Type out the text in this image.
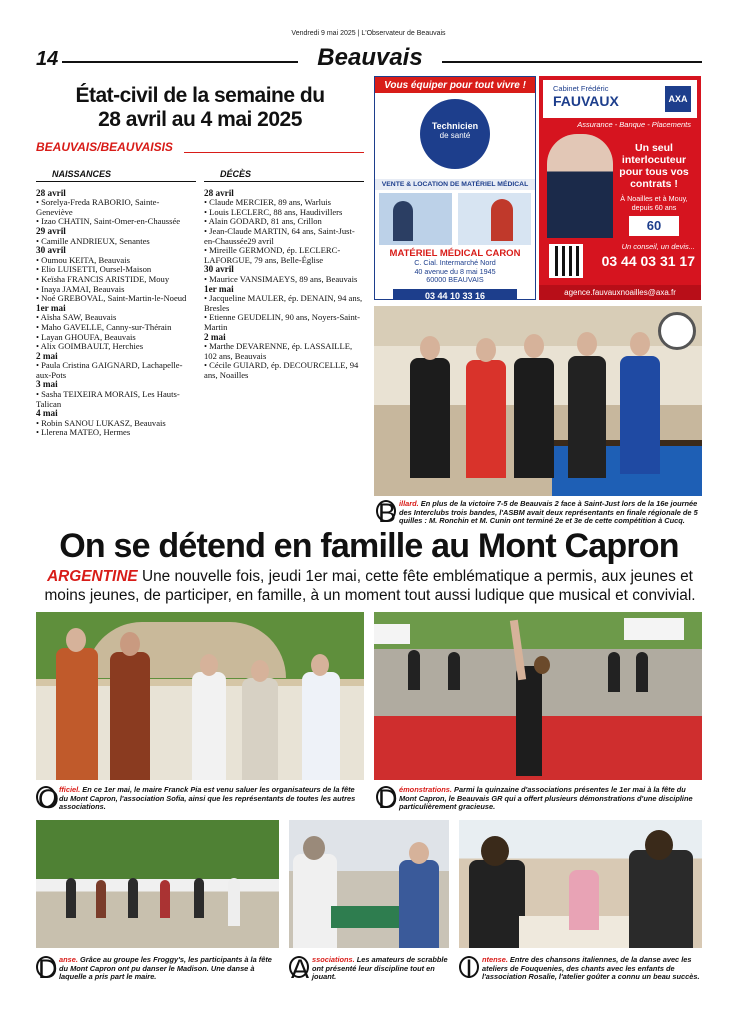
Vendredi 9 mai 2025 | L'Observateur de Beauvais
14	Beauvais
État-civil de la semaine du
28 avril au 4 mai 2025
BEAUVAIS/BEAUVAISIS
NAISSANCES
28 avril
• Sorelya-Freda RABORIO, Sainte-Geneviève
• Izao CHATIN, Saint-Omer-en-Chaussée
29 avril
• Camille ANDRIEUX, Senantes
30 avril
• Oumou KEITA, Beauvais
• Elio LUISETTI, Oursel-Maison
• Keïsha FRANCIS ARISTIDE, Mouy
• Inaya JAMAI, Beauvais
• Noé GREBOVAL, Saint-Martin-le-Noeud
1er mai
• Aïsha SAW, Beauvais
• Maho GAVELLE, Canny-sur-Thérain
• Layan GHOUFA, Beauvais
• Alix GOIMBAULT, Herchies
2 mai
• Paula Cristina GAIGNARD, Lachapelle-aux-Pots
3 mai
• Sasha TEIXEIRA MORAIS, Les Hauts-Talican
4 mai
• Robin SANOU LUKASZ, Beauvais
• Llerena MATEO, Hermes
DÉCÈS
28 avril
• Claude MERCIER, 89 ans, Warluis
• Louis LECLERC, 88 ans, Haudivillers
• Alain GODARD, 81 ans, Crillon
• Jean-Claude MARTIN, 64 ans, Saint-Just-en-Chaussée29 avril
• Mireille GERMOND, ép. LECLERC-LAFORGUE, 79 ans, Belle-Église
30 avril
• Maurice VANSIMAEYS, 89 ans, Beauvais
1er mai
• Jacqueline MAULER, ép. DENAIN, 94 ans, Bresles
• Etienne GEUDELIN, 90 ans, Noyers-Saint-Martin
2 mai
• Marthe DEVARENNE, ép. LASSAILLE, 102 ans, Beauvais
• Cécile GUIARD, ép. DECOURCELLE, 94 ans, Noailles
Vous équiper pour tout vivre !
Technicien
de santé
VENTE & LOCATION DE MATÉRIEL MÉDICAL
MATÉRIEL MÉDICAL CARON
C. Cial. Intermarché Nord
40 avenue du 8 mai 1945
60000 BEAUVAIS
03 44 10 33 16
Cabinet Frédéric
FAUVAUX	AXA
Assurance - Banque - Placements
Un seul interlocuteur pour tous vos contrats !
À Noailles et à Mouy, depuis 60 ans
60
Un conseil, un devis...
03 44 03 31 17
agence.fauvauxnoailles@axa.fr
B illard. En plus de la victoire 7-5 de Beauvais 2 face à Saint-Just lors de la 16e journée des Interclubs trois bandes, l'ASBM avait deux représentants en finale régionale de 5 quilles : M. Ronchin et M. Cunin ont terminé 2e et 3e de cette compétition à Cucq.
On se détend en famille au Mont Capron
ARGENTINE Une nouvelle fois, jeudi 1er mai, cette fête emblématique a permis, aux jeunes et moins jeunes, de participer, en famille, à un moment tout aussi ludique que musical et convivial.
O fficiel. En ce 1er mai, le maire Franck Pia est venu saluer les organisateurs de la fête du Mont Capron, l'association Sofia, ainsi que les représentants de toutes les autres associations.	D émonstrations. Parmi la quinzaine d'associations présentes le 1er mai à la fête du Mont Capron, le Beauvais GR qui a offert plusieurs démonstrations d'une discipline particulièrement gracieuse.
D anse. Grâce au groupe les Froggy's, les participants à la fête du Mont Capron ont pu danser le Madison. Une danse à laquelle a pris part le maire.	A ssociations. Les amateurs de scrabble ont présenté leur discipline tout en jouant.	I	ntense. Entre des chansons italiennes, de la danse avec les ateliers de Fouquenies, des chants avec les enfants de l'association Rosalie, l'atelier goûter a connu un beau succès.
